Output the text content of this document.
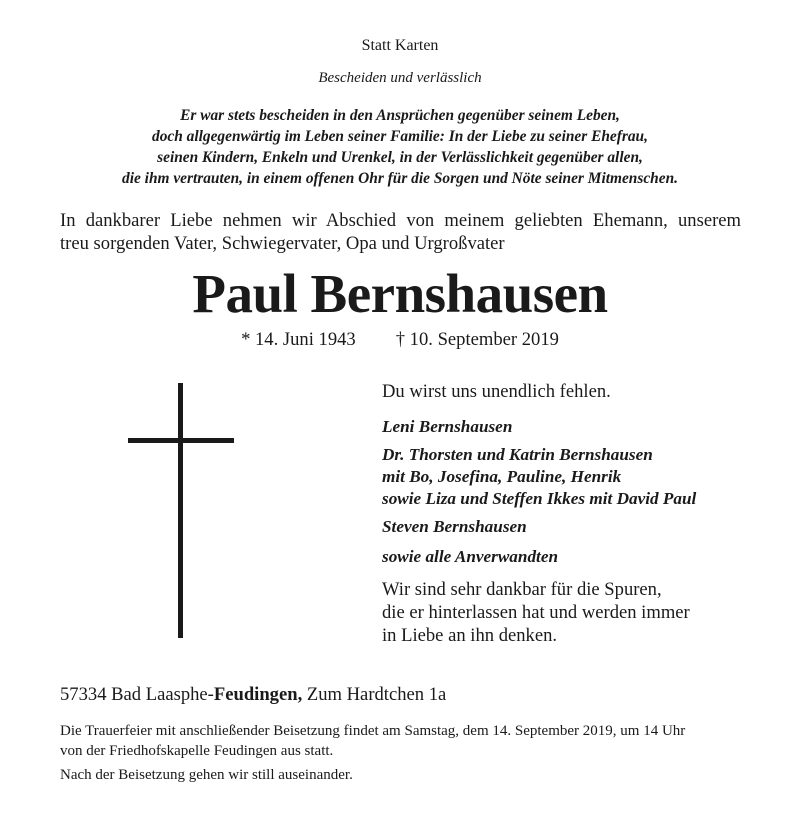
Statt Karten

Bescheiden und verlässlich

Er war stets bescheiden in den Ansprüchen gegenüber seinem Leben,
doch allgegenwärtig im Leben seiner Familie: In der Liebe zu seiner Ehefrau,
seinen Kindern, Enkeln und Urenkel, in der Verlässlichkeit gegenüber allen,
die ihm vertrauten, in einem offenen Ohr für die Sorgen und Nöte seiner Mitmenschen.
In dankbarer Liebe nehmen wir Abschied von meinem geliebten Ehemann, unserem
treu sorgenden Vater, Schwiegervater, Opa und Urgroßvater
Paul Bernshausen
* 14. Juni 1943 † 10. September 2019

Du wirst uns unendlich fehlen.

Leni Bernshausen
Dr. Thorsten und Katrin Bernshausen
mit Bo, Josefina, Pauline, Henrik
sowie Liza und Steffen Ikkes mit David Paul
Steven Bernshausen
sowie alle Anverwandten
Wir sind sehr dankbar für die Spuren,
die er hinterlassen hat und werden immer
in Liebe an ihn denken.

57334 Bad Laasphe-Feudingen, Zum Hardtchen 1a

Die Trauerfeier mit anschließender Beisetzung findet am Samstag, dem 14. September 2019, um 14 Uhr
von der Friedhofskapelle Feudingen aus statt.

Nach der Beisetzung gehen wir still auseinander.
